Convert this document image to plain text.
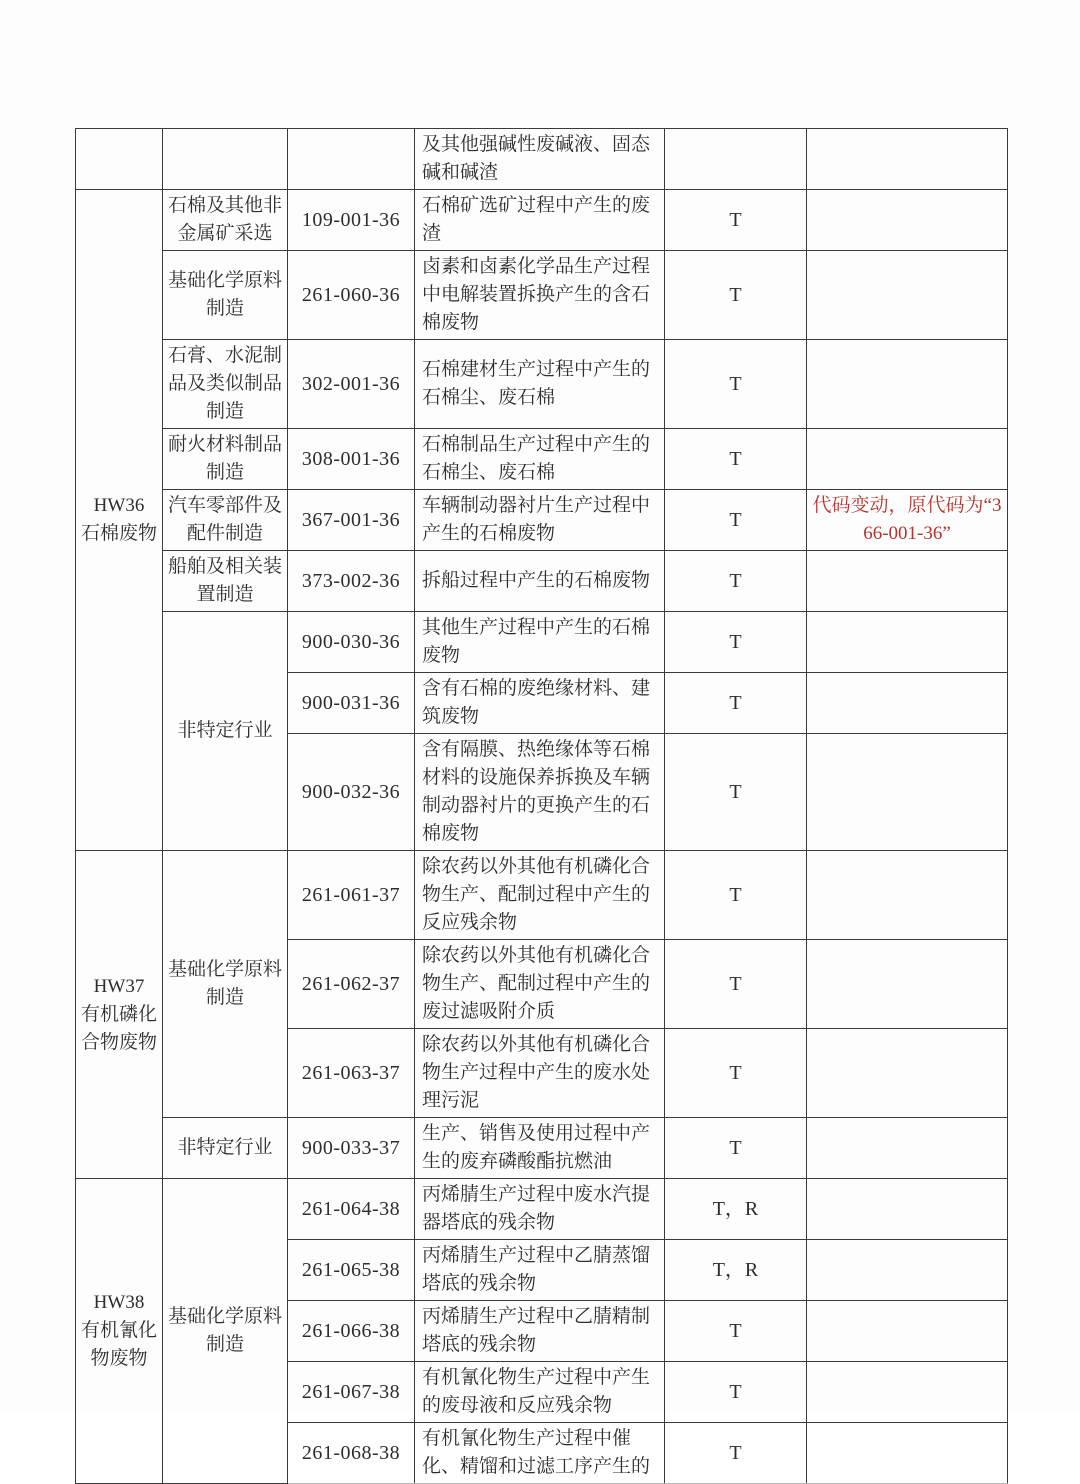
			及其他强碱性废碱液、固态碱和碱渣		

HW36
石棉废物	石棉及其他非金属矿采选	109-001-36	石棉矿选矿过程中产生的废渣	T	
	基础化学原料制造	261-060-36	卤素和卤素化学品生产过程中电解装置拆换产生的含石棉废物	T	
	石膏、水泥制品及类似制品制造	302-001-36	石棉建材生产过程中产生的石棉尘、废石棉	T	
	耐火材料制品制造	308-001-36	石棉制品生产过程中产生的石棉尘、废石棉	T	
	汽车零部件及配件制造	367-001-36	车辆制动器衬片生产过程中产生的石棉废物	T	代码变动，原代码为“366-001-36”
	船舶及相关装置制造	373-002-36	拆船过程中产生的石棉废物	T	
	非特定行业	900-030-36	其他生产过程中产生的石棉废物	T	
		900-031-36	含有石棉的废绝缘材料、建筑废物	T	
		900-032-36	含有隔膜、热绝缘体等石棉材料的设施保养拆换及车辆制动器衬片的更换产生的石棉废物	T	

HW37
有机磷化合物废物	基础化学原料制造	261-061-37	除农药以外其他有机磷化合物生产、配制过程中产生的反应残余物	T	
		261-062-37	除农药以外其他有机磷化合物生产、配制过程中产生的废过滤吸附介质	T	
		261-063-37	除农药以外其他有机磷化合物生产过程中产生的废水处理污泥	T	
	非特定行业	900-033-37	生产、销售及使用过程中产生的废弃磷酸酯抗燃油	T	

HW38
有机氰化物废物	基础化学原料制造	261-064-38	丙烯腈生产过程中废水汽提器塔底的残余物	T，R	
		261-065-38	丙烯腈生产过程中乙腈蒸馏塔底的残余物	T，R	
		261-066-38	丙烯腈生产过程中乙腈精制塔底的残余物	T	
		261-067-38	有机氰化物生产过程中产生的废母液和反应残余物	T	
		261-068-38	有机氰化物生产过程中催化、精馏和过滤工序产生的	T	
